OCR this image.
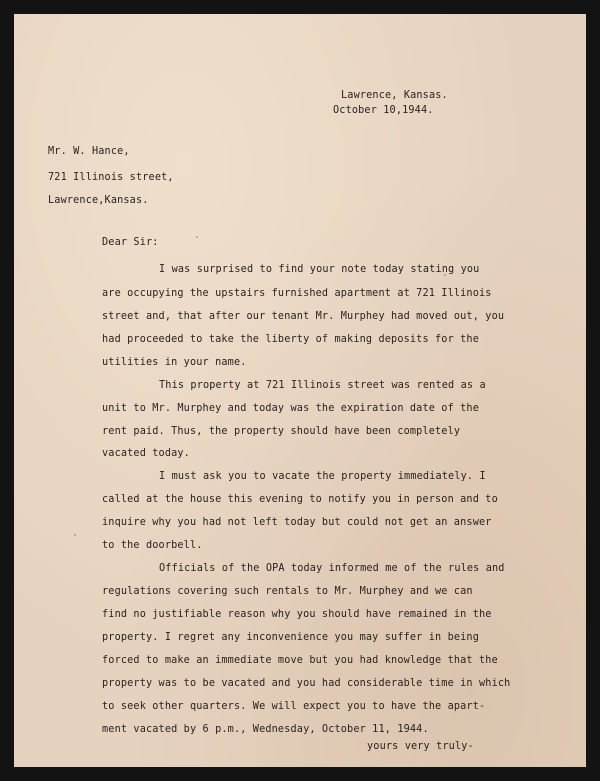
Lawrence, Kansas.
October 10,1944.
Mr. W. Hance,
721 Illinois street,
Lawrence,Kansas.
Dear Sir:
I was surprised to find your note today stating you
are occupying the upstairs furnished apartment at 721 Illinois
street and, that after our tenant Mr. Murphey had moved out, you
had proceeded to take the liberty of making deposits for the
utilities in your name.
This property at 721 Illinois street was rented as a
unit to Mr. Murphey and today was the expiration date of the
rent paid. Thus, the property should have been completely
vacated today.
I must ask you to vacate the property immediately. I
called at the house this evening to notify you in person and to
inquire why you had not left today but could not get an answer
to the doorbell.
Officials of the OPA today informed me of the rules and
regulations covering such rentals to Mr. Murphey and we can
find no justifiable reason why you should have remained in the
property. I regret any inconvenience you may suffer in being
forced to make an immediate move but you had knowledge that the
property was to be vacated and you had considerable time in which
to seek other quarters. We will expect you to have the apart-
ment vacated by 6 p.m., Wednesday, October 11, 1944.
yours very truly-
